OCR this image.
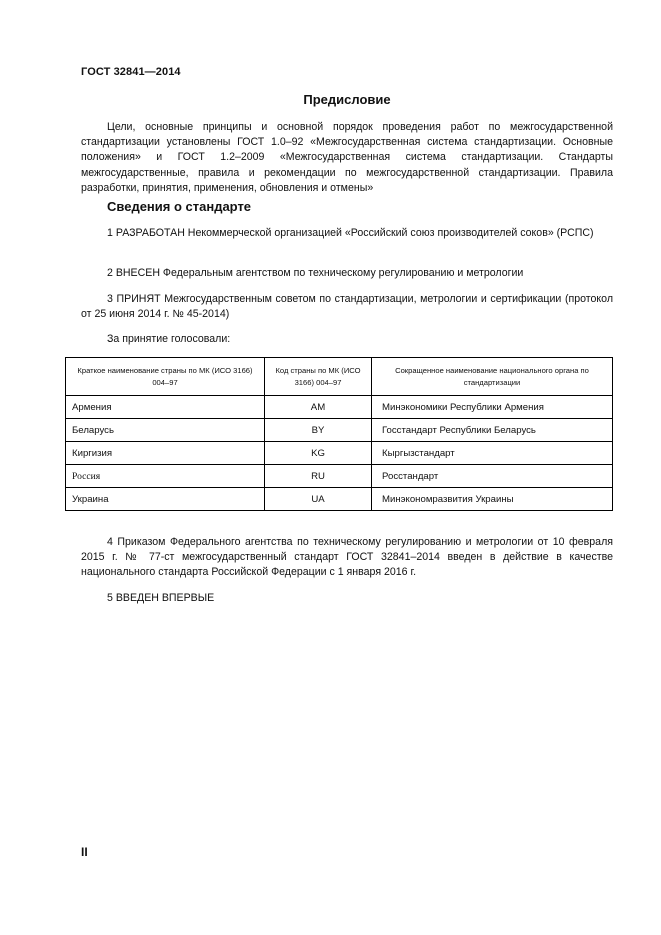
ГОСТ 32841—2014
Предисловие
Цели, основные принципы и основной порядок проведения работ по межгосударственной стандартизации установлены ГОСТ 1.0–92 «Межгосударственная система стандартизации. Основные положения» и ГОСТ 1.2–2009 «Межгосударственная система стандартизации. Стандарты межгосударственные, правила и рекомендации по межгосударственной стандартизации. Правила разработки, принятия, применения, обновления и отмены»
Сведения о стандарте
1 РАЗРАБОТАН Некоммерческой организацией «Российский союз производителей соков» (РСПС)
2 ВНЕСЕН Федеральным агентством по техническому регулированию и метрологии
3 ПРИНЯТ Межгосударственным советом по стандартизации, метрологии и сертификации (протокол от 25 июня 2014 г. № 45-2014)
За принятие голосовали:
Краткое наименование страны по МК (ИСО 3166) 004–97	Код страны по МК (ИСО 3166) 004–97	Сокращенное наименование национального органа по стандартизации
Армения	AM	Минэкономики Республики Армения
Беларусь	BY	Госстандарт Республики Беларусь
Киргизия	KG	Кыргызстандарт
Россия	RU	Росстандарт
Украина	UA	Минэкономразвития Украины
4 Приказом Федерального агентства по техническому регулированию и метрологии от 10 февраля 2015 г. № 77-ст межгосударственный стандарт ГОСТ 32841–2014 введен в действие в качестве национального стандарта Российской Федерации с 1 января 2016 г.
5 ВВЕДЕН ВПЕРВЫЕ
II
